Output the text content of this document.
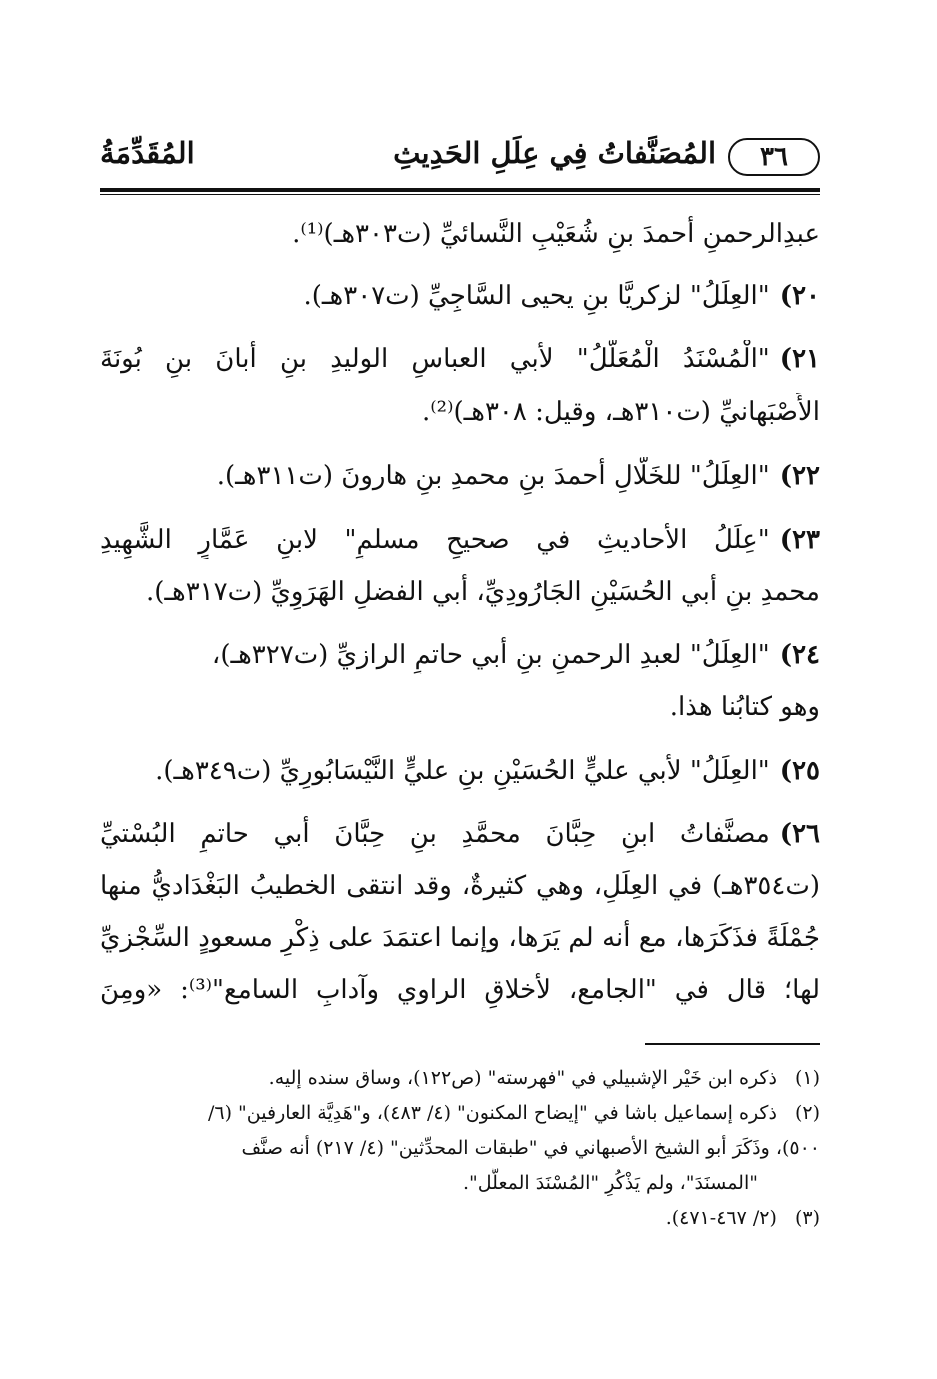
٣٦
المُصَنَّفاتُ فِي عِلَلِ الحَدِيثِ
المُقَدِّمَةُ
عبدِالرحمنِ أحمدَ بنِ شُعَيْبِ النَّسائيِّ (ت٣٠٣هـ)⁽¹⁾.
٢٠)"العِلَلُ" لزكريَّا بنِ يحيى السَّاجِيِّ (ت٣٠٧هـ).
٢١)"الْمُسْنَدُ الْمُعَلَّلُ" لأبي العباسِ الوليدِ بنِ أَبانَ بنِ بُونَةَ
الأَصْبَهانيِّ (ت٣١٠هـ، وقيل: ٣٠٨هـ)⁽²⁾.
٢٢)"العِلَلُ" للخَلَّالِ أحمدَ بنِ محمدِ بنِ هارونَ (ت٣١١هـ).
٢٣)"عِلَلُ الأحاديثِ في صحيحِ مسلمٍ" لابنِ عَمَّارٍ الشَّهِيدِ
محمدِ بنِ أبي الحُسَيْنِ الجَارُودِيِّ، أبي الفضلِ الهَرَوِيِّ (ت٣١٧هـ).
٢٤)"العِلَلُ" لعبدِ الرحمنِ بنِ أبي حاتمٍ الرازيِّ (ت٣٢٧هـ)،
وهو كتابُنا هذا.
٢٥)"العِلَلُ" لأبي عليٍّ الحُسَيْنِ بنِ عليٍّ النَّيْسَابُورِيِّ (ت٣٤٩هـ).
٢٦)مصنَّفاتُ ابنِ حِبَّانَ محمَّدِ بنِ حِبَّانَ أبي حاتمٍ البُسْتيِّ
(ت٣٥٤هـ) في العِلَلِ، وهي كثيرةٌ، وقد انتقى الخطيبُ البَغْدَاديُّ منها
جُمْلَةً فذَكَرَها، مع أنه لم يَرَها، وإنما اعتمَدَ على ذِكْرِ مسعودٍ السِّجْزيِّ
لها؛ قال في "الجامع، لأخلاقِ الراوي وآدابِ السامع"⁽³⁾: «ومِنَ
(١)ذكره ابن خَيْر الإشبيلي في "فهرسته" (ص١٢٢)، وساق سنده إليه.
(٢)ذكره إسماعيل باشا في "إيضاح المكنون" (٤/ ٤٨٣)، و"هَدِيَّة العارفين" (٦/
٥٠٠)، وذَكَرَ أبو الشيخ الأصبهاني في "طبقات المحدِّثين" (٤/ ٢١٧) أنه صنَّف
"المسنَدَ"، ولم يَذْكُرِ "المُسْنَدَ المعلَّل".
(٣)(٢/ ٤٦٧-٤٧١).
